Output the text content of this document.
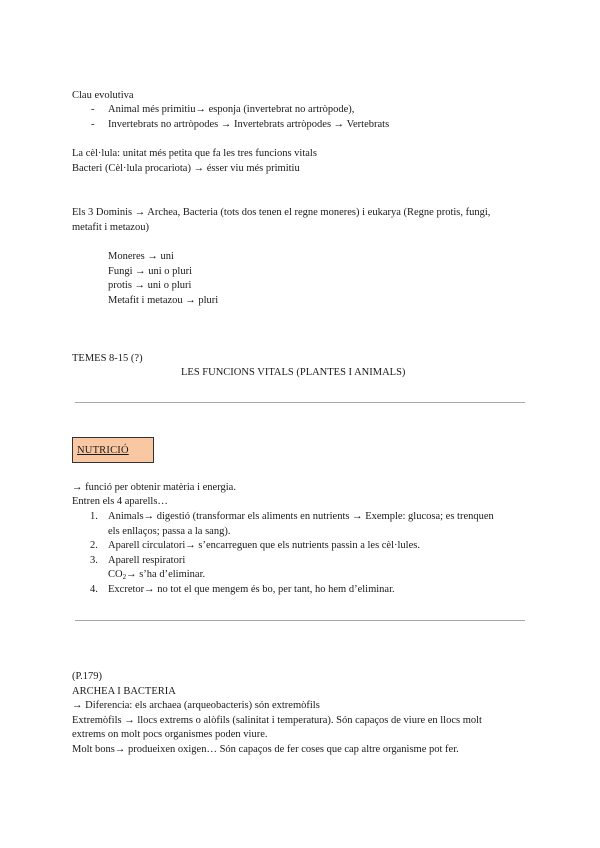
Clau evolutiva
- Animal més primitiu→ esponja (invertebrat no artròpode),
- Invertebrats no artròpodes → Invertebrats artròpodes → Vertebrats
La cèl·lula: unitat més petita que fa les tres funcions vitals
Bacteri (Cèl·lula procariota) → ésser viu més primitiu
Els 3 Dominis → Archea, Bacteria (tots dos tenen el regne moneres) i eukarya (Regne protis, fungi,
metafit i metazou)
Moneres → uni
Fungi → uni o pluri
protis → uni o pluri
Metafit i metazou → pluri
TEMES 8-15 (?)
LES FUNCIONS VITALS (PLANTES I ANIMALS)
NUTRICIÓ
→ funció per obtenir matèria i energia.
Entren els 4 aparells…
1. Animals→ digestió (transformar els aliments en nutrients → Exemple: glucosa; es trenquen
els enllaços; passa a la sang).
2. Aparell circulatori→ s’encarreguen que els nutrients passin a les cèl·lules.
3. Aparell respiratori
$CO_2\to$ s’ha d’eliminar.
4. Excretor→ no tot el que mengem és bo, per tant, ho hem d’eliminar.
(P.179)
ARCHEA I BACTERIA
→ Diferencia: els archaea (arqueobacteris) són extremòfils
Extremòfils → llocs extrems o alòfils (salinitat i temperatura). Són capaços de viure en llocs molt
extrems on molt pocs organismes poden viure.
Molt bons→ produeixen oxigen… Són capaços de fer coses que cap altre organisme pot fer.
